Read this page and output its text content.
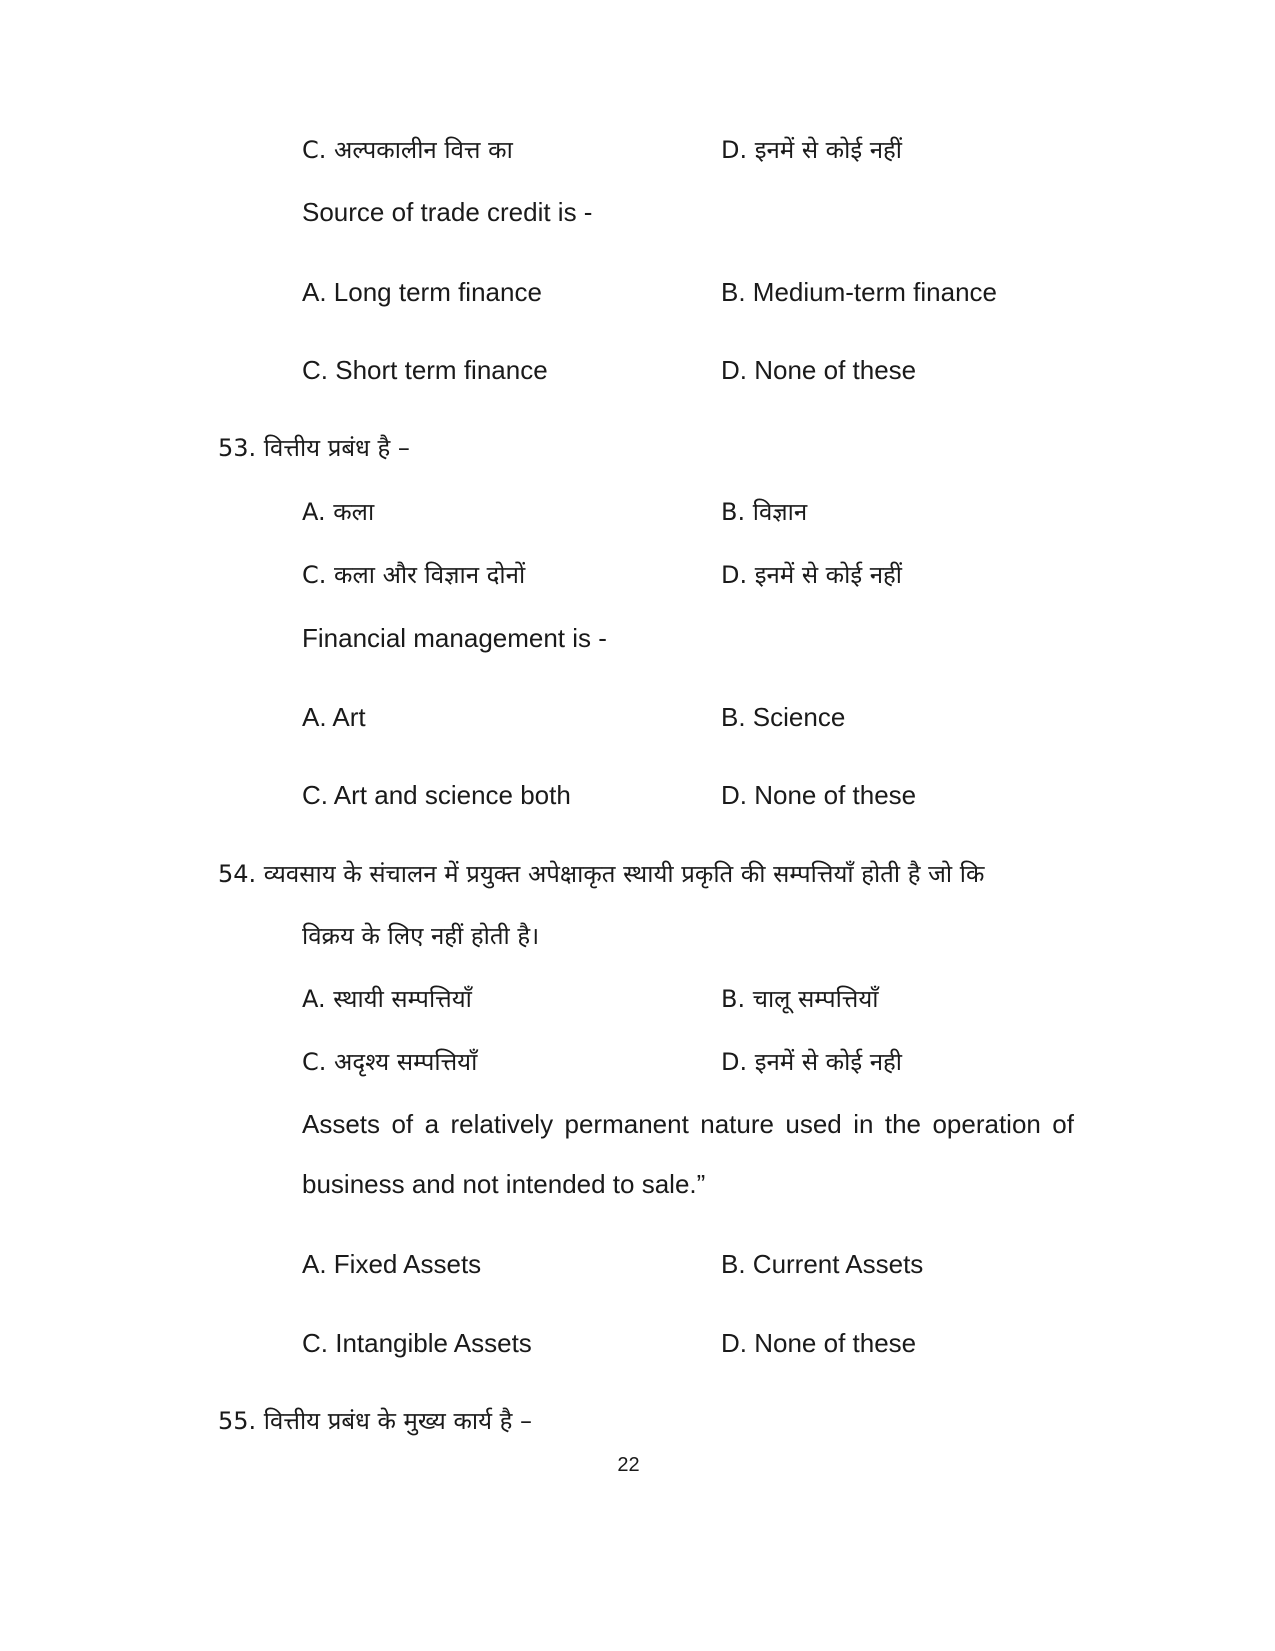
C. अल्पकालीन वित्त का	D. इनमें से कोई नहीं
Source of trade credit is -
A. Long term finance	B. Medium-term finance
C. Short term finance	D. None of these
53. वित्तीय प्रबंध है –
A. कला	B. विज्ञान
C. कला और विज्ञान दोनों	D. इनमें से कोई नहीं
Financial management is -
A. Art	B. Science
C. Art and science both	D. None of these
54. व्यवसाय के संचालन में प्रयुक्त अपेक्षाकृत स्थायी प्रकृति की सम्पत्तियाँ होती है जो कि
विक्रय के लिए नहीं होती है।
A. स्थायी सम्पत्तियाँ	B. चालू सम्पत्तियाँ
C. अदृश्य सम्पत्तियाँ	D. इनमें से कोई नही
Assets of a relatively permanent nature used in the operation of business and not intended to sale.”
A. Fixed Assets	B. Current Assets
C. Intangible Assets	D. None of these
55. वित्तीय प्रबंध के मुख्य कार्य है –
22
